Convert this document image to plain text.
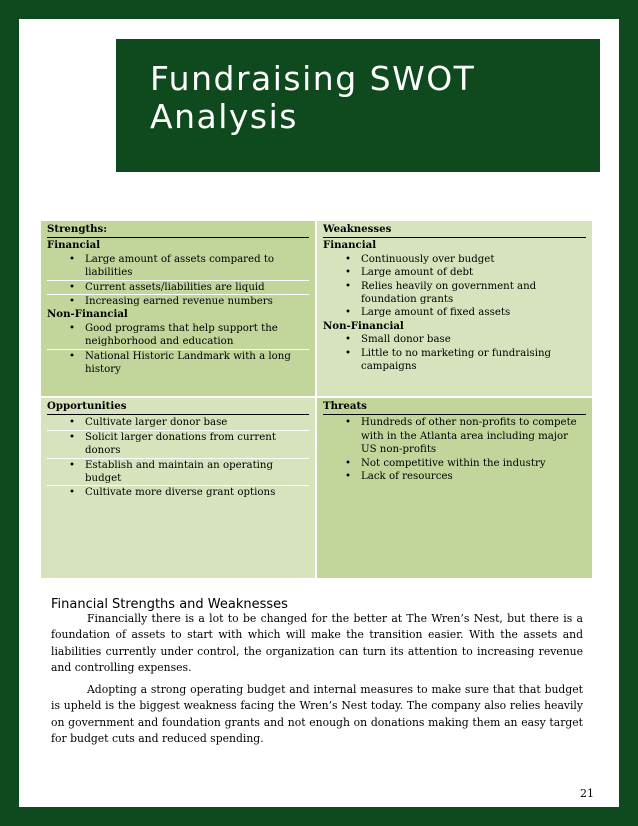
Fundraising SWOT
Analysis
Strengths:
Financial
• Large amount of assets compared to liabilities
• Current assets/liabilities are liquid
• Increasing earned revenue numbers
Non-Financial
• Good programs that help support the neighborhood and education
• National Historic Landmark with a long history
Weaknesses
Financial
• Continuously over budget
• Large amount of debt
• Relies heavily on government and foundation grants
• Large amount of fixed assets
Non-Financial
• Small donor base
• Little to no marketing or fundraising campaigns
Opportunities
• Cultivate larger donor base
• Solicit larger donations from current donors
• Establish and maintain an operating budget
• Cultivate more diverse grant options
Threats
• Hundreds of other non-profits to compete with in the Atlanta area including major US non-profits
• Not competitive within the industry
• Lack of resources
Financial Strengths and Weaknesses

Financially there is a lot to be changed for the better at The Wren’s Nest, but there is a foundation of assets to start with which will make the transition easier. With the assets and liabilities currently under control, the organization can turn its attention to increasing revenue and controlling expenses.

Adopting a strong operating budget and internal measures to make sure that that budget is upheld is the biggest weakness facing the Wren’s Nest today. The company also relies heavily on government and foundation grants and not enough on donations making them an easy target for budget cuts and reduced spending.

21
